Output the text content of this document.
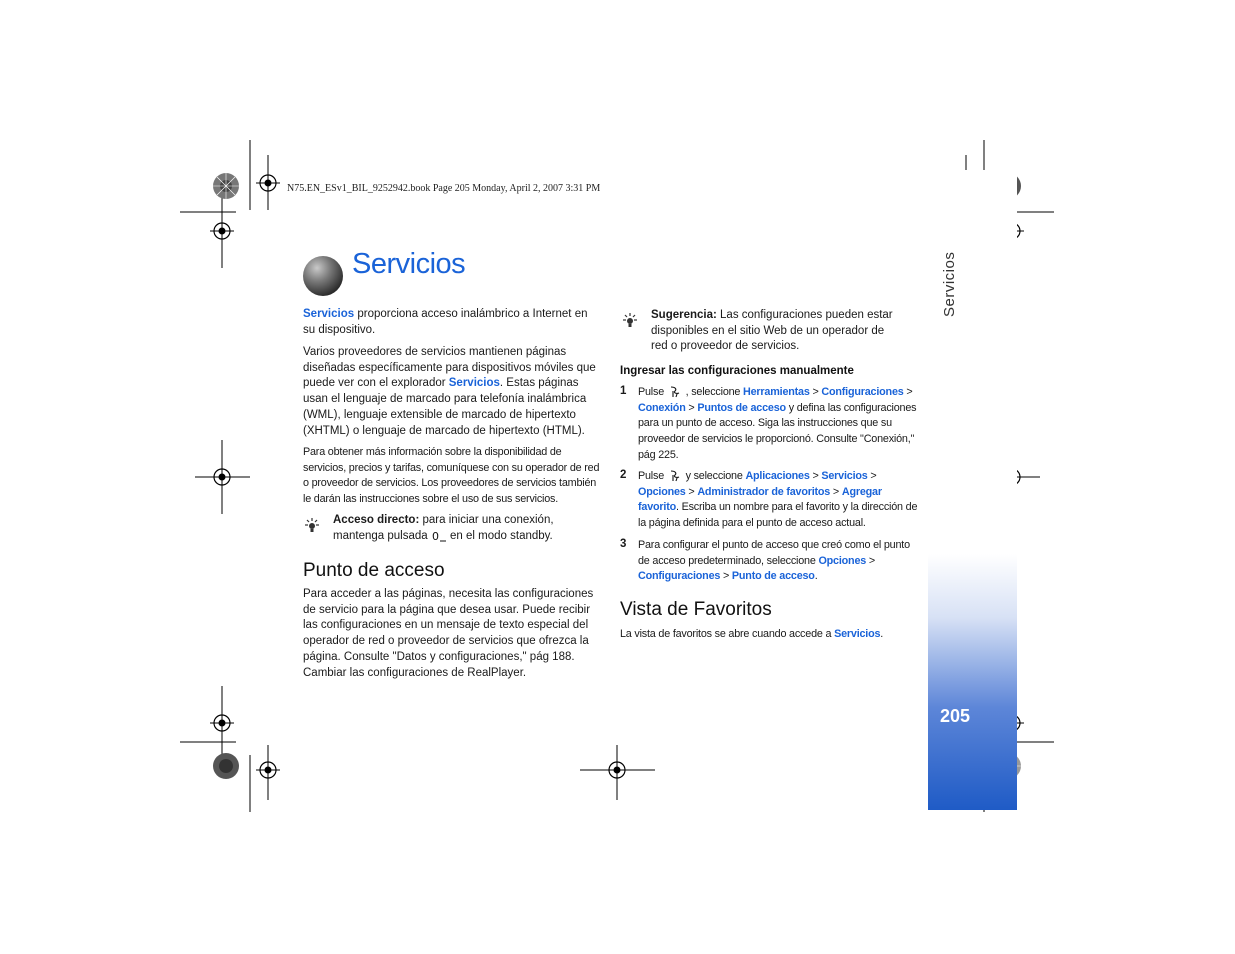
N75.EN_ESv1_BIL_9252942.book Page 205 Monday, April 2, 2007 3:31 PM
Servicios
205
Servicios
Servicios proporciona acceso inalámbrico a Internet en su dispositivo.
Varios proveedores de servicios mantienen páginas diseñadas específicamente para dispositivos móviles que puede ver con el explorador Servicios. Estas páginas usan el lenguaje de marcado para telefonía inalámbrica (WML), lenguaje extensible de marcado de hipertexto (XHTML) o lenguaje de marcado de hipertexto (HTML).
Para obtener más información sobre la disponibilidad de servicios, precios y tarifas, comuníquese con su operador de red o proveedor de servicios. Los proveedores de servicios también le darán las instrucciones sobre el uso de sus servicios.
Acceso directo: para iniciar una conexión, mantenga pulsada 0 en el modo standby.
Punto de acceso
Para acceder a las páginas, necesita las configuraciones de servicio para la página que desea usar. Puede recibir las configuraciones en un mensaje de texto especial del operador de red o proveedor de servicios que ofrezca la página. Consulte "Datos y configuraciones," pág 188. Cambiar las configuraciones de RealPlayer.
Sugerencia: Las configuraciones pueden estar disponibles en el sitio Web de un operador de red o proveedor de servicios.
Ingresar las configuraciones manualmente
1 Pulse  , seleccione Herramientas > Configuraciones > Conexión > Puntos de acceso y defina las configuraciones para un punto de acceso. Siga las instrucciones que su proveedor de servicios le proporcionó. Consulte "Conexión," pág 225.
2 Pulse  y seleccione Aplicaciones > Servicios > Opciones > Administrador de favoritos > Agregar favorito. Escriba un nombre para el favorito y la dirección de la página definida para el punto de acceso actual.
3 Para configurar el punto de acceso que creó como el punto de acceso predeterminado, seleccione Opciones > Configuraciones > Punto de acceso.
Vista de Favoritos
La vista de favoritos se abre cuando accede a Servicios.
